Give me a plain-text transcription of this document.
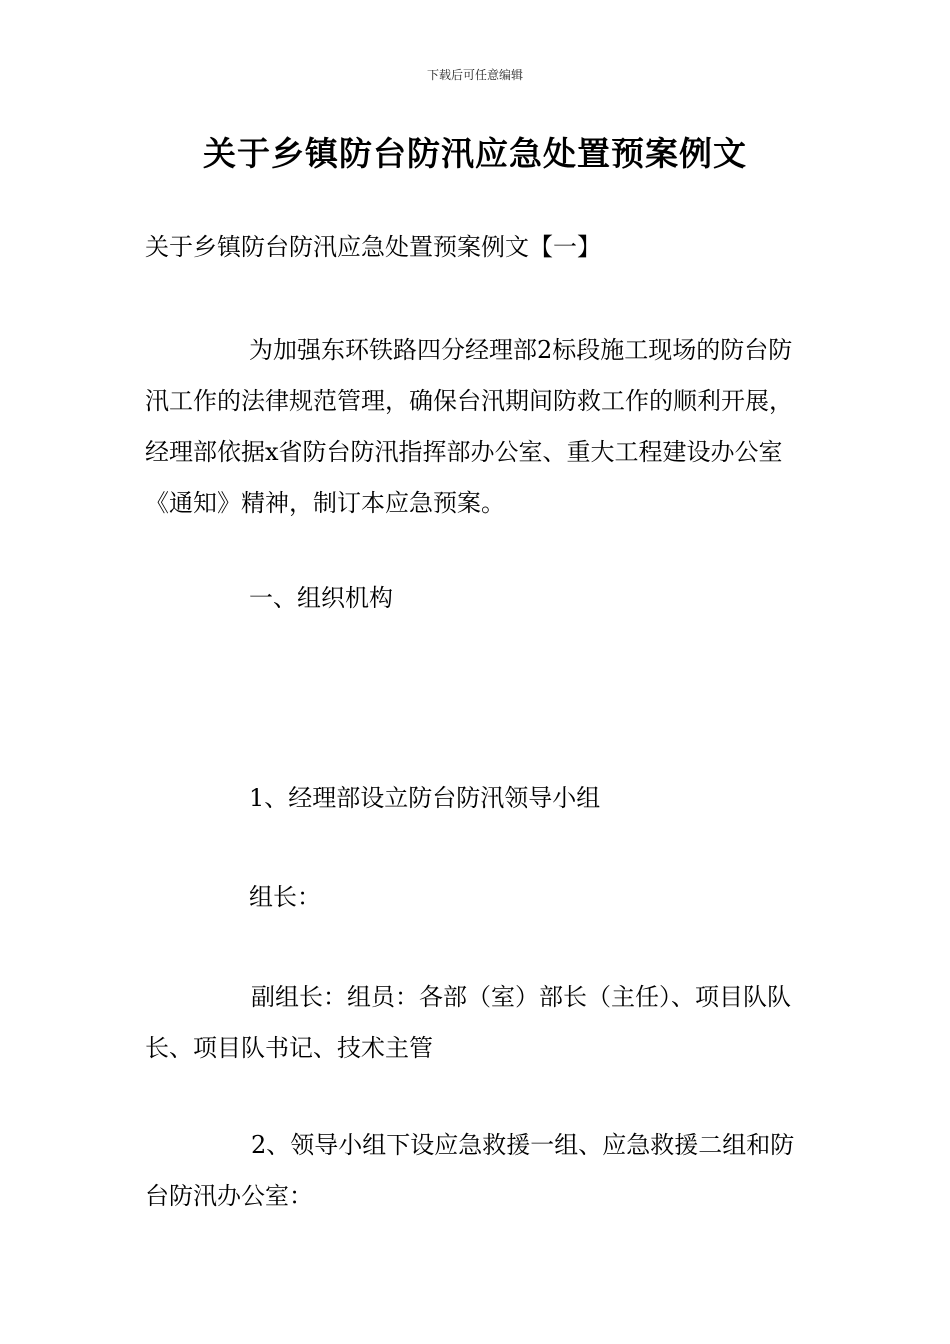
下载后可任意编辑
关于乡镇防台防汛应急处置预案例文

关于乡镇防台防汛应急处置预案例文【一】

为加强东环铁路四分经理部2标段施工现场的防台防汛工作的法律规范管理，确保台汛期间防救工作的顺利开展，经理部依据x省防台防汛指挥部办公室、重大工程建设办公室《通知》精神，制订本应急预案。

一、组织机构

1、经理部设立防台防汛领导小组

组长：

副组长：组员：各部（室）部长（主任）、项目队队长、项目队书记、技术主管

2、领导小组下设应急救援一组、应急救援二组和防台防汛办公室：
